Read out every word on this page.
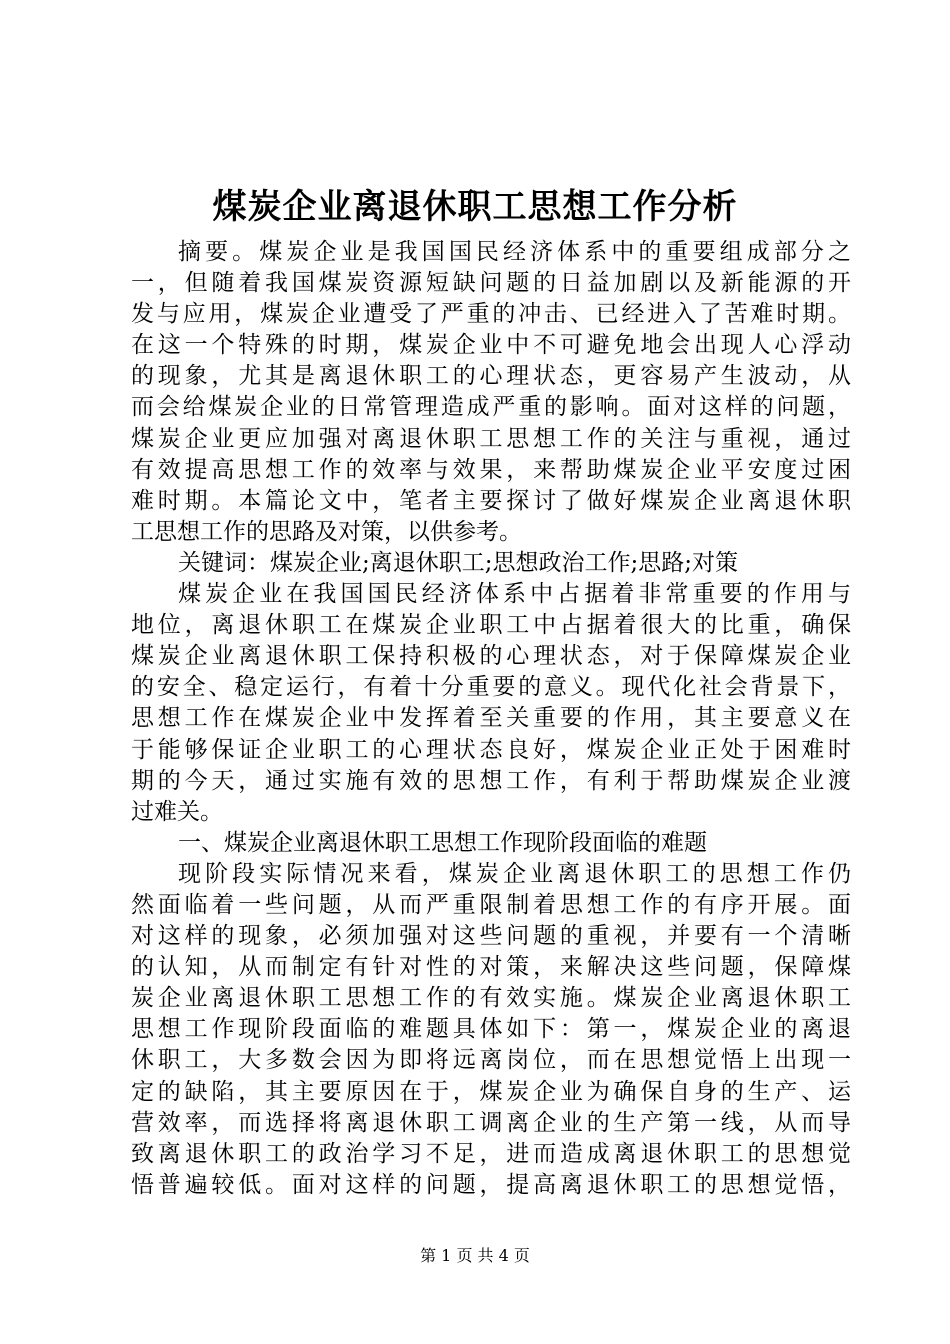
煤炭企业离退休职工思想工作分析
摘要。煤炭企业是我国国民经济体系中的重要组成部分之
一，但随着我国煤炭资源短缺问题的日益加剧以及新能源的开
发与应用，煤炭企业遭受了严重的冲击、已经进入了苦难时期。
在这一个特殊的时期，煤炭企业中不可避免地会出现人心浮动
的现象，尤其是离退休职工的心理状态，更容易产生波动，从
而会给煤炭企业的日常管理造成严重的影响。面对这样的问题，
煤炭企业更应加强对离退休职工思想工作的关注与重视，通过
有效提高思想工作的效率与效果，来帮助煤炭企业平安度过困
难时期。本篇论文中，笔者主要探讨了做好煤炭企业离退休职
工思想工作的思路及对策，以供参考。
关键词：煤炭企业;离退休职工;思想政治工作;思路;对策
煤炭企业在我国国民经济体系中占据着非常重要的作用与
地位，离退休职工在煤炭企业职工中占据着很大的比重，确保
煤炭企业离退休职工保持积极的心理状态，对于保障煤炭企业
的安全、稳定运行，有着十分重要的意义。现代化社会背景下，
思想工作在煤炭企业中发挥着至关重要的作用，其主要意义在
于能够保证企业职工的心理状态良好，煤炭企业正处于困难时
期的今天，通过实施有效的思想工作，有利于帮助煤炭企业渡
过难关。
一、煤炭企业离退休职工思想工作现阶段面临的难题
现阶段实际情况来看，煤炭企业离退休职工的思想工作仍
然面临着一些问题，从而严重限制着思想工作的有序开展。面
对这样的现象，必须加强对这些问题的重视，并要有一个清晰
的认知，从而制定有针对性的对策，来解决这些问题，保障煤
炭企业离退休职工思想工作的有效实施。煤炭企业离退休职工
思想工作现阶段面临的难题具体如下：第一，煤炭企业的离退
休职工，大多数会因为即将远离岗位，而在思想觉悟上出现一
定的缺陷，其主要原因在于，煤炭企业为确保自身的生产、运
营效率，而选择将离退休职工调离企业的生产第一线，从而导
致离退休职工的政治学习不足，进而造成离退休职工的思想觉
悟普遍较低。面对这样的问题，提高离退休职工的思想觉悟，
第 1 页 共 4 页
